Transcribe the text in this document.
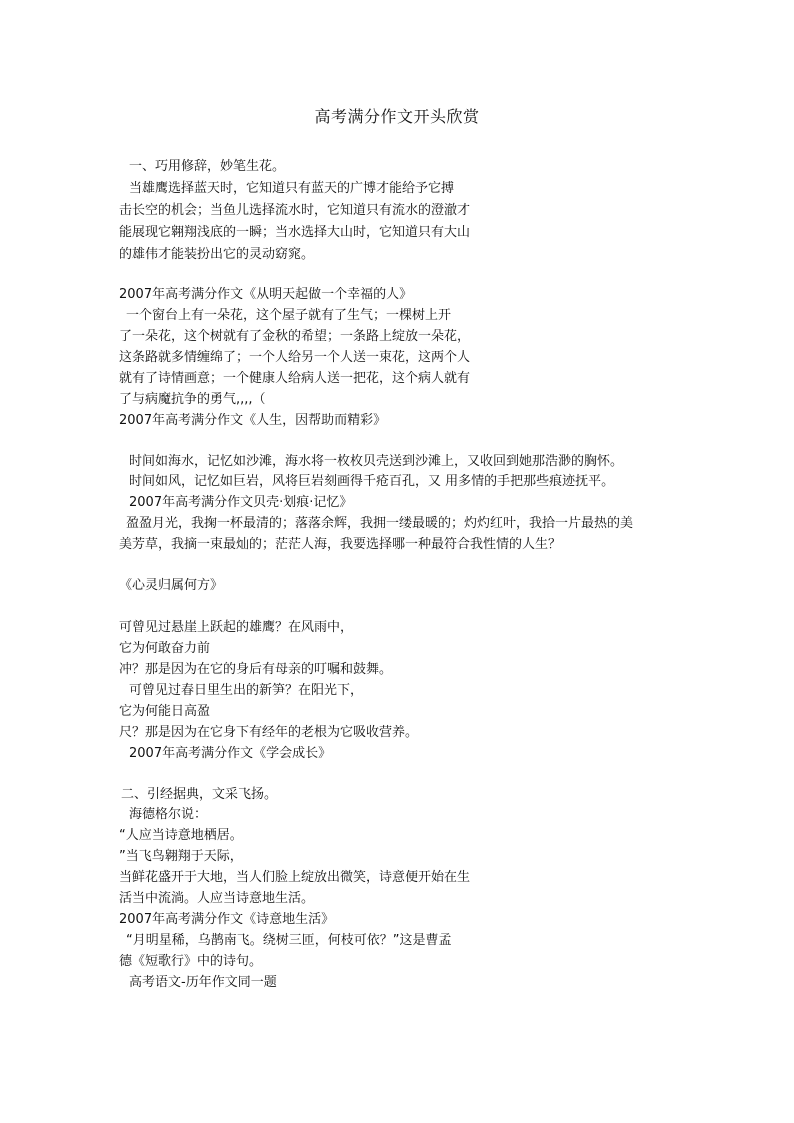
高考满分作文开头欣赏
一、巧用修辞，妙笔生花。
当雄鹰选择蓝天时，它知道只有蓝天的广博才能给予它搏
击长空的机会；当鱼儿选择流水时，它知道只有流水的澄澈才
能展现它翱翔浅底的一瞬；当水选择大山时，它知道只有大山
的雄伟才能装扮出它的灵动窈窕。
2007年高考满分作文《从明天起做一个幸福的人》
一个窗台上有一朵花，这个屋子就有了生气；一棵树上开
了一朵花，这个树就有了金秋的希望；一条路上绽放一朵花，
这条路就多情缠绵了；一个人给另一个人送一束花，这两个人
就有了诗情画意；一个健康人给病人送一把花，这个病人就有
了与病魔抗争的勇气,,,,（
2007年高考满分作文《人生，因帮助而精彩》
时间如海水，记忆如沙滩，海水将一枚枚贝壳送到沙滩上，又收回到她那浩渺的胸怀。
时间如风，记忆如巨岩，风将巨岩刻画得千疮百孔，又 用多情的手把那些痕迹抚平。
2007年高考满分作文贝壳·划痕·记忆》
盈盈月光，我掬一杯最清的；落落余辉，我拥一缕最暖的；灼灼红叶，我拾一片最热的美
美芳草，我摘一束最灿的；茫茫人海，我要选择哪一种最符合我性情的人生？
《心灵归属何方》
可曾见过悬崖上跃起的雄鹰？在风雨中，
它为何敢奋力前
冲？那是因为在它的身后有母亲的叮嘱和鼓舞。
可曾见过春日里生出的新笋？在阳光下，
它为何能日高盈
尺？那是因为在它身下有经年的老根为它吸收营养。
2007年高考满分作文《学会成长》
二、引经据典，文采飞扬。
海德格尔说：
“人应当诗意地栖居。
”当飞鸟翱翔于天际，
当鲜花盛开于大地，当人们脸上绽放出微笑，诗意便开始在生
活当中流淌。人应当诗意地生活。
2007年高考满分作文《诗意地生活》
“月明星稀，乌鹊南飞。绕树三匝，何枝可依？”这是曹孟
德《短歌行》中的诗句。
高考语文-历年作文同一题
